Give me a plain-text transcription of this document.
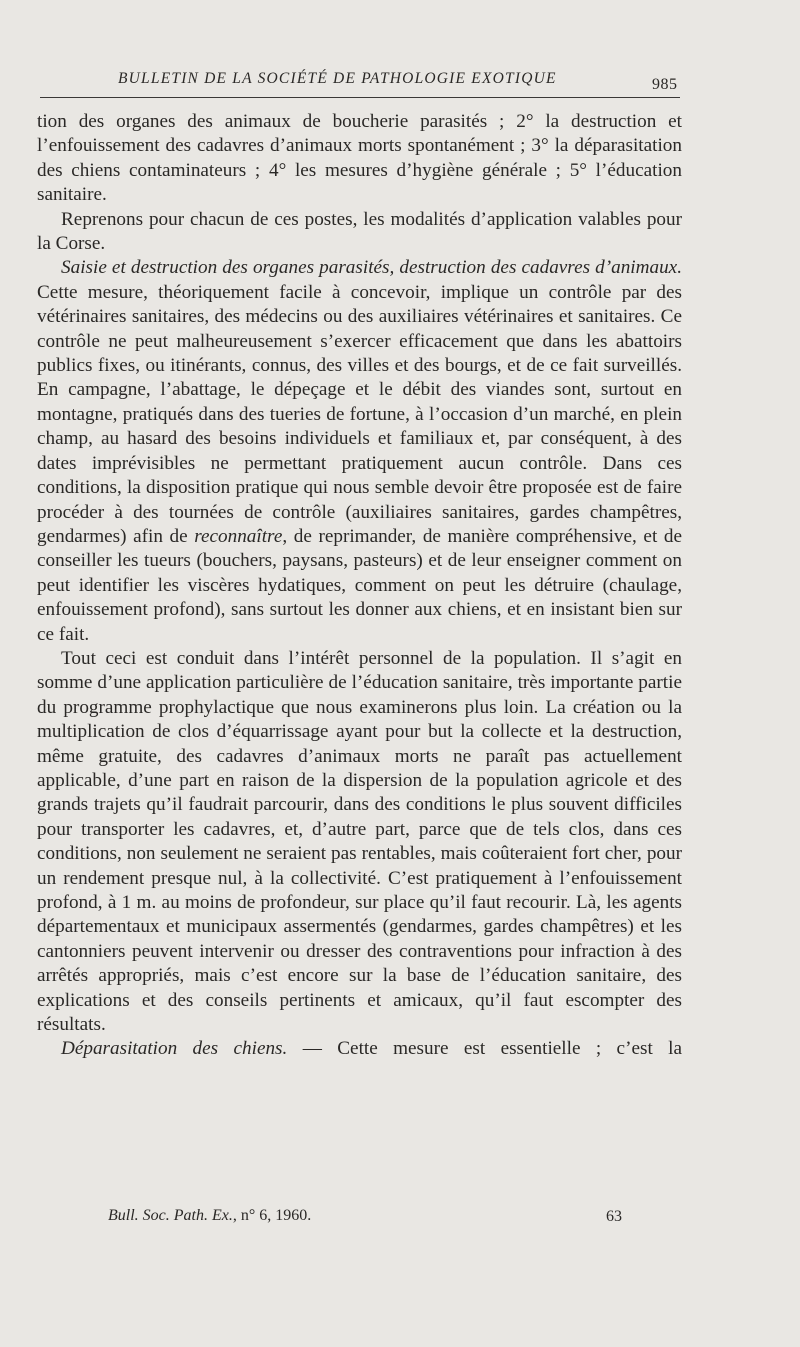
BULLETIN DE LA SOCIÉTÉ DE PATHOLOGIE EXOTIQUE	985

tion des organes des animaux de boucherie parasités ; 2° la destruction et l’enfouissement des cadavres d’animaux morts spontanément ; 3° la déparasitation des chiens contaminateurs ; 4° les mesures d’hygiène générale ; 5° l’éducation sanitaire.

Reprenons pour chacun de ces postes, les modalités d’application valables pour la Corse.

Saisie et destruction des organes parasités, destruction des cadavres d’animaux. Cette mesure, théoriquement facile à concevoir, implique un contrôle par des vétérinaires sanitaires, des médecins ou des auxiliaires vétérinaires et sanitaires. Ce contrôle ne peut malheureusement s’exercer efficacement que dans les abattoirs publics fixes, ou itinérants, connus, des villes et des bourgs, et de ce fait surveillés. En campagne, l’abattage, le dépeçage et le débit des viandes sont, surtout en montagne, pratiqués dans des tueries de fortune, à l’occasion d’un marché, en plein champ, au hasard des besoins individuels et familiaux et, par conséquent, à des dates imprévisibles ne permettant pratiquement aucun contrôle. Dans ces conditions, la disposition pratique qui nous semble devoir être proposée est de faire procéder à des tournées de contrôle (auxiliaires sanitaires, gardes champêtres, gendarmes) afin de reconnaître, de reprimander, de manière compréhensive, et de conseiller les tueurs (bouchers, paysans, pasteurs) et de leur enseigner comment on peut identifier les viscères hydatiques, comment on peut les détruire (chaulage, enfouissement profond), sans surtout les donner aux chiens, et en insistant bien sur ce fait.

Tout ceci est conduit dans l’intérêt personnel de la population. Il s’agit en somme d’une application particulière de l’éducation sanitaire, très importante partie du programme prophylactique que nous examinerons plus loin. La création ou la multiplication de clos d’équarrissage ayant pour but la collecte et la destruction, même gratuite, des cadavres d’animaux morts ne paraît pas actuellement applicable, d’une part en raison de la dispersion de la population agricole et des grands trajets qu’il faudrait parcourir, dans des conditions le plus souvent difficiles pour transporter les cadavres, et, d’autre part, parce que de tels clos, dans ces conditions, non seulement ne seraient pas rentables, mais coûteraient fort cher, pour un rendement presque nul, à la collectivité. C’est pratiquement à l’enfouissement profond, à 1 m. au moins de profondeur, sur place qu’il faut recourir. Là, les agents départementaux et municipaux assermentés (gendarmes, gardes champêtres) et les cantonniers peuvent intervenir ou dresser des contraventions pour infraction à des arrêtés appropriés, mais c’est encore sur la base de l’éducation sanitaire, des explications et des conseils pertinents et amicaux, qu’il faut escompter des résultats.

Déparasitation des chiens. — Cette mesure est essentielle ; c’est la

Bull. Soc. Path. Ex., n° 6, 1960.	63
